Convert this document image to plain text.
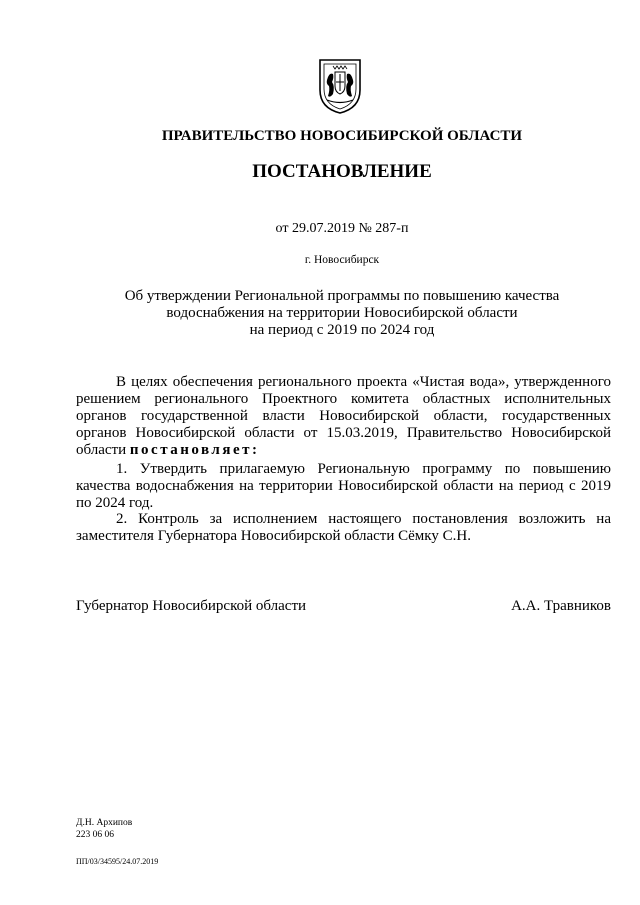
ПРАВИТЕЛЬСТВО НОВОСИБИРСКОЙ ОБЛАСТИ
ПОСТАНОВЛЕНИЕ
от 29.07.2019 № 287-п
г. Новосибирск
Об утверждении Региональной программы по повышению качества
водоснабжения на территории Новосибирской области
на период с 2019 по 2024 год
В целях обеспечения регионального проекта «Чистая вода», утвержденного решением регионального Проектного комитета областных исполнительных органов государственной власти Новосибирской области, государственных органов Новосибирской области от 15.03.2019, Правительство Новосибирской области постановляет:
1. Утвердить прилагаемую Региональную программу по повышению качества водоснабжения на территории Новосибирской области на период с 2019 по 2024 год.
2. Контроль за исполнением настоящего постановления возложить на заместителя Губернатора Новосибирской области Сёмку С.Н.
Губернатор Новосибирской области	А.А. Травников
Д.Н. Архипов
223 06 06
ПП/03/34595/24.07.2019
